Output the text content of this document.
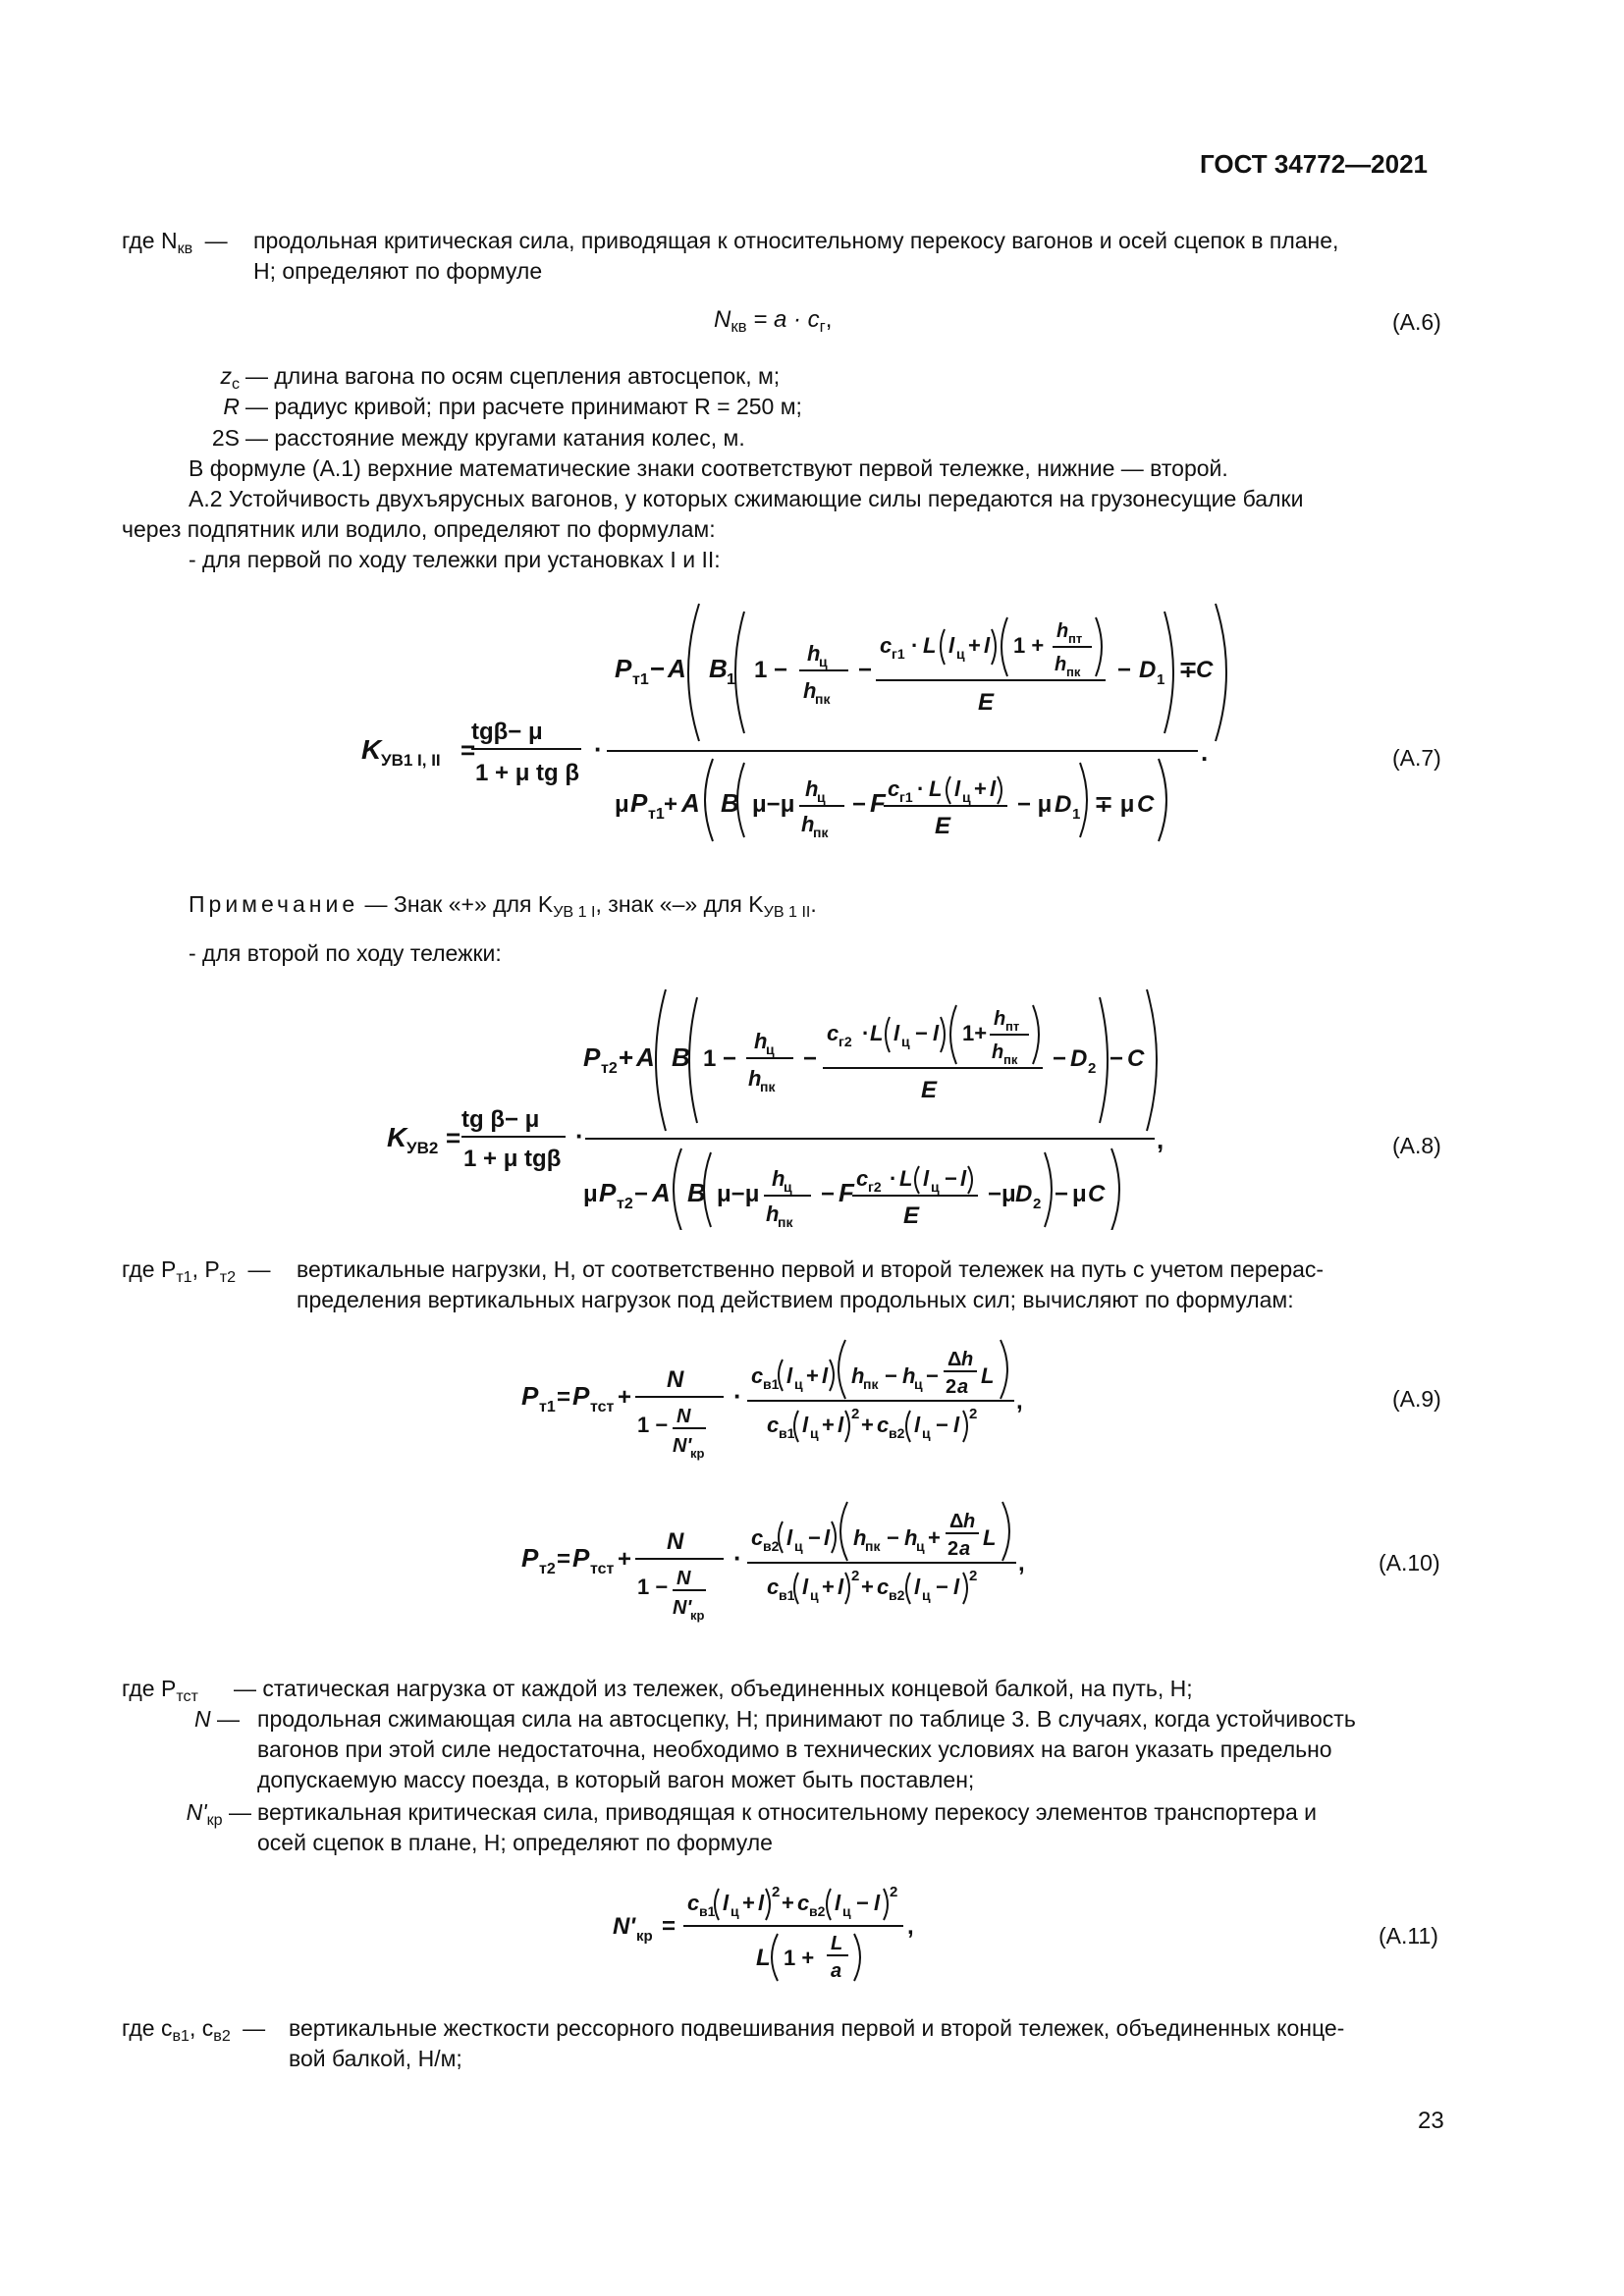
ГОСТ 34772—2021
где $N_{кв}$ — продольная критическая сила, приводящая к относительному перекосу вагонов и осей сцепок в плане,
Н; определяют по формуле
$N_{кв} = a \cdot c_г$,	(A.6)
$z_с$ — длина вагона по осям сцепления автосцепок, м;
R — радиус кривой; при расчете принимают R = 250 м;
2S — расстояние между кругами катания колес, м.
В формуле (A.1) верхние математические знаки соответствуют первой тележке, нижние — второй.
А.2 Устойчивость двухъярусных вагонов, у которых сжимающие силы передаются на грузонесущие балки
через подпятник или водило, определяют по формулам:
- для первой по ходу тележки при установках I и II:
K УВ1 I, II =
tgβ− μ
1 + μ tg β
·	.
P т1 − A B 1 1 −
h
ц
h
пк
−
c г1 · L l ц + l 1 +
h пт
h пк
E
− D 1 ∓
C
μ P т1 + A B μ−μ
h
ц
h
пк
− F c г1 · L l ц + l
E
− μ D 1 ∓ μ C
(A.7)
Примечание — Знак «+» для $K_{УВ 1 I}$, знак «–» для $K_{УВ 1 II}$.
- для второй по ходу тележки:
K УВ2 =
tg β− μ
1 + μ tgβ
·	,
P т2 + A B 1 −
h
ц
h
пк
−
c г2 · L l ц − l 1+
h пт
h пк
E
− D 2 − C
μ P т2 − A B μ−μ
h
ц
h
пк
− F c г2 · L l ц − l
E
−μ D 2 − μ C
(A.8)
где $P_{т1}$, $P_{т2}$ — вертикальные нагрузки, Н, от соответственно первой и второй тележек на путь с учетом перерас-
пределения вертикальных нагрузок под действием продольных сил; вычисляют по формулам:
P т1 = P тст +
N
1 − N
N'
кр
·
c в1 l ц + l h
пк − h
ц −
Δ h
2 a L
c в1 l ц + l 2 + c в2 l ц − l 2 ,	(A.9)
P т2 = P тст +
N
1 − N
N'
кр
·
c в2 l ц − l h
пк − h
ц +
Δ h
2 a L
c в1 l ц + l 2 + c в2 l ц − l 2 ,	(A.10)
где $P_{тст}$ — статическая нагрузка от каждой из тележек, объединенных концевой балкой, на путь, Н;
N — продольная сжимающая сила на автосцепку, Н; принимают по таблице 3. В случаях, когда устойчивость
вагонов при этой силе недостаточна, необходимо в технических условиях на вагон указать предельно
допускаемую массу поезда, в который вагон может быть поставлен;
$N'_{кр}$ — вертикальная критическая сила, приводящая к относительному перекосу элементов транспортера и
осей сцепок в плане, Н; определяют по формуле
N' кр =
c в1 l ц + l 2 + c в2 l ц − l 2
L 1 +
L
a
,	(A.11)
где $c_{в1}$, $c_{в2}$ — вертикальные жесткости рессорного подвешивания первой и второй тележек, объединенных конце-
вой балкой, Н/м;
23
